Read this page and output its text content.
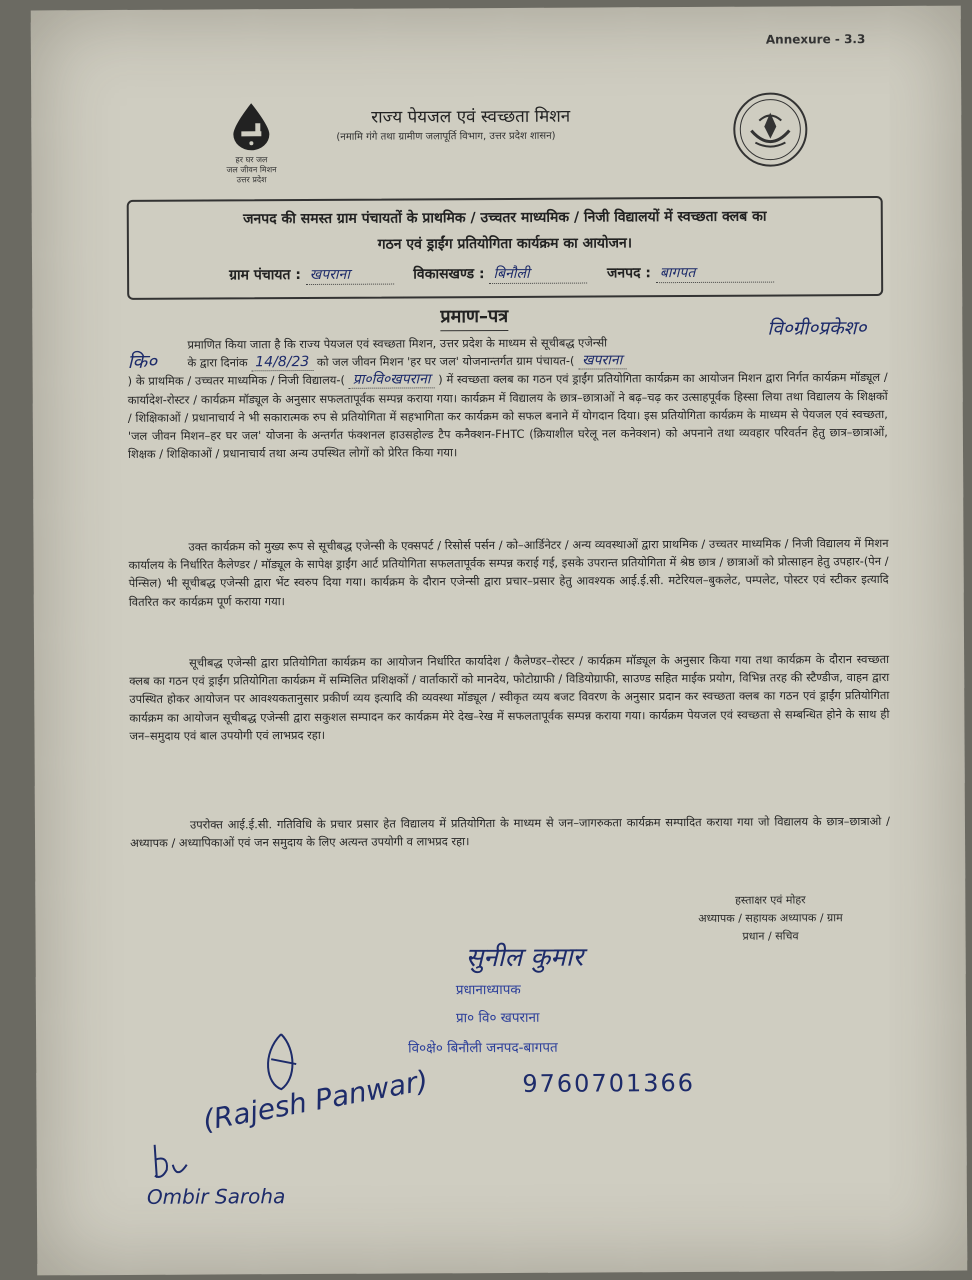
Annexure - 3.3
हर घर जल
जल जीवन मिशन
उत्तर प्रदेश
राज्य पेयजल एवं स्वच्छता मिशन
(नमामि गंगे तथा ग्रामीण जलापूर्ति विभाग, उत्तर प्रदेश शासन)
जनपद की समस्त ग्राम पंचायतों के प्राथमिक / उच्चतर माध्यमिक / निजी विद्यालयों में स्वच्छता क्लब का
गठन एवं ड्राईंग प्रतियोगिता कार्यक्रम का आयोजन।
ग्राम पंचायत : खपराना	विकासखण्ड : बिनौली	जनपद : बागपत
प्रमाण–पत्र
वि०ग्री०प्रकेश०
कि०
प्रमाणित किया जाता है कि राज्य पेयजल एवं स्वच्छता मिशन, उत्तर प्रदेश के माध्यम से सूचीबद्ध एजेन्सी
के द्वारा दिनांक 14/8/23 को जल जीवन मिशन 'हर घर जल' योजनान्तर्गत ग्राम पंचायत-( खपराना
) के प्राथमिक / उच्चतर माध्यमिक / निजी विद्यालय-( प्रा०वि०खपराना ) में स्वच्छता क्लब का गठन एवं ड्राईंग प्रतियोगिता कार्यक्रम का आयोजन मिशन द्वारा निर्गत कार्यक्रम मॉड्यूल / कार्यादेश-रोस्टर / कार्यक्रम मॉड्यूल के अनुसार सफलतापूर्वक सम्पन्न कराया गया। कार्यक्रम में विद्यालय के छात्र–छात्राओं ने बढ़–चढ़ कर उत्साहपूर्वक हिस्सा लिया तथा विद्यालय के शिक्षकों / शिक्षिकाओं / प्रधानाचार्य ने भी सकारात्मक रुप से प्रतियोगिता में सहभागिता कर कार्यक्रम को सफल बनाने में योगदान दिया। इस प्रतियोगिता कार्यक्रम के माध्यम से पेयजल एवं स्वच्छता, 'जल जीवन मिशन–हर घर जल' योजना के अन्तर्गत फंक्शनल हाउसहोल्ड टैप कनैक्शन-FHTC (क्रियाशील घरेलू नल कनेक्शन) को अपनाने तथा व्यवहार परिवर्तन हेतु छात्र–छात्राओं, शिक्षक / शिक्षिकाओं / प्रधानाचार्य तथा अन्य उपस्थित लोगों को प्रेरित किया गया।
उक्त कार्यक्रम को मुख्य रूप से सूचीबद्ध एजेन्सी के एक्सपर्ट / रिसोर्स पर्सन / को–आर्डिनेटर / अन्य व्यवस्थाओं द्वारा प्राथमिक / उच्चतर माध्यमिक / निजी विद्यालय में मिशन कार्यालय के निर्धारित कैलेण्डर / मॉड्यूल के सापेक्ष ड्राईंग आर्ट प्रतियोगिता सफलतापूर्वक सम्पन्न कराई गई, इसके उपरान्त प्रतियोगिता में श्रेष्ठ छात्र / छात्राओं को प्रोत्साहन हेतु उपहार-(पेन / पेन्सिल) भी सूचीबद्ध एजेन्सी द्वारा भेंट स्वरुप दिया गया। कार्यक्रम के दौरान एजेन्सी द्वारा प्रचार–प्रसार हेतु आवश्यक आई.ई.सी. मटेरियल–बुकलेट, पम्पलेट, पोस्टर एवं स्टीकर इत्यादि वितरित कर कार्यक्रम पूर्ण कराया गया।
सूचीबद्ध एजेन्सी द्वारा प्रतियोगिता कार्यक्रम का आयोजन निर्धारित कार्यादेश / कैलेण्डर–रोस्टर / कार्यक्रम मॉड्यूल के अनुसार किया गया तथा कार्यक्रम के दौरान स्वच्छता क्लब का गठन एवं ड्राईंग प्रतियोगिता कार्यक्रम में सम्मिलित प्रशिक्षकों / वार्ताकारों को मानदेय, फोटोग्राफी / विडियोग्राफी, साउण्ड सहित माईक प्रयोग, विभिन्न तरह की स्टैण्डीज, वाहन द्वारा उपस्थित होकर आयोजन पर आवश्यकतानुसार प्रकीर्ण व्यय इत्यादि की व्यवस्था मॉड्यूल / स्वीकृत व्यय बजट विवरण के अनुसार प्रदान कर स्वच्छता क्लब का गठन एवं ड्राईंग प्रतियोगिता कार्यक्रम का आयोजन सूचीबद्ध एजेन्सी द्वारा सकुशल सम्पादन कर कार्यक्रम मेरे देख–रेख में सफलतापूर्वक सम्पन्न कराया गया। कार्यक्रम पेयजल एवं स्वच्छता से सम्बन्धित होने के साथ ही जन–समुदाय एवं बाल उपयोगी एवं लाभप्रद रहा।
उपरोक्त आई.ई.सी. गतिविधि के प्रचार प्रसार हेत विद्यालय में प्रतियोगिता के माध्यम से जन–जागरुकता कार्यक्रम सम्पादित कराया गया जो विद्यालय के छात्र–छात्राओ / अध्यापक / अध्यापिकाओं एवं जन समुदाय के लिए अत्यन्त उपयोगी व लाभप्रद रहा।
हस्ताक्षर एवं मोहर
अध्यापक / सहायक अध्यापक / ग्राम
प्रधान / सचिव
सुनील कुमार
प्रधानाध्यापक
प्रा० वि० खपराना
वि०क्षे० बिनौली जनपद-बागपत
9760701366
(Rajesh Panwar)
Ombir Saroha
